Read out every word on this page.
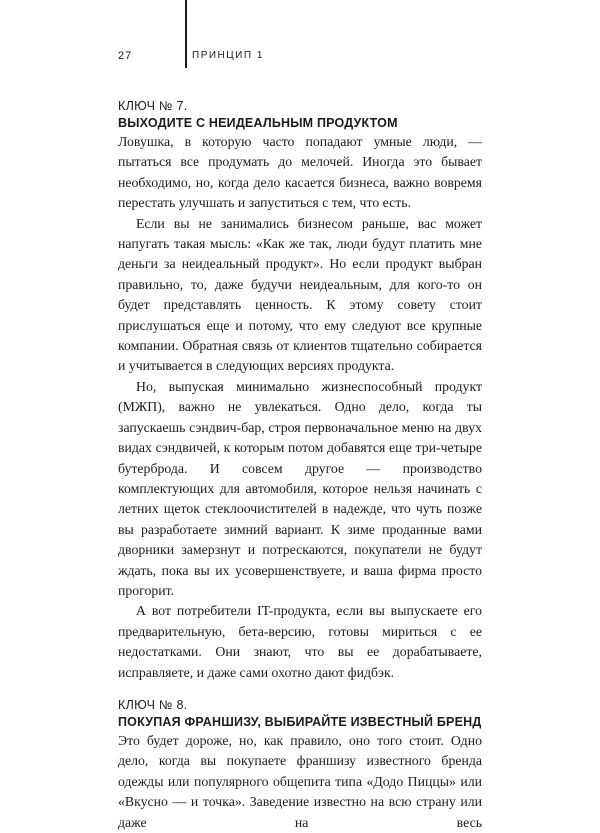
27	ПРИНЦИП 1
КЛЮЧ № 7.
ВЫХОДИТЕ С НЕИДЕАЛЬНЫМ ПРОДУКТОМ

Ловушка, в которую часто попадают умные люди, — пытаться все продумать до мелочей. Иногда это бывает необходимо, но, когда дело касается бизнеса, важно вовремя перестать улучшать и запуститься с тем, что есть.

Если вы не занимались бизнесом раньше, вас может напугать такая мысль: «Как же так, люди будут платить мне деньги за неидеальный продукт». Но если продукт выбран правильно, то, даже будучи неидеальным, для кого-то он будет представлять ценность. К этому совету стоит прислушаться еще и потому, что ему следуют все крупные компании. Обратная связь от клиентов тщательно собирается и учитывается в следующих версиях продукта.

Но, выпуская минимально жизнеспособный продукт (МЖП), важно не увлекаться. Одно дело, когда ты запускаешь сэндвич-бар, строя первоначальное меню на двух видах сэндвичей, к которым потом добавятся еще три-четыре бутерброда. И совсем другое — производство комплектующих для автомобиля, которое нельзя начинать с летних щеток стеклоочистителей в надежде, что чуть позже вы разработаете зимний вариант. К зиме проданные вами дворники замерзнут и потрескаются, покупатели не будут ждать, пока вы их усовершенствуете, и ваша фирма просто прогорит.

А вот потребители IT-продукта, если вы выпускаете его предварительную, бета-версию, готовы мириться с ее недостатками. Они знают, что вы ее дорабатываете, исправляете, и даже сами охотно дают фидбэк.

КЛЮЧ № 8.
ПОКУПАЯ ФРАНШИЗУ, ВЫБИРАЙТЕ ИЗВЕСТНЫЙ БРЕНД

Это будет дороже, но, как правило, оно того стоит. Одно дело, когда вы покупаете франшизу известного бренда одежды или популярного общепита типа «Додо Пиццы» или «Вкусно — и точка». Заведение известно на всю страну или даже на весь
